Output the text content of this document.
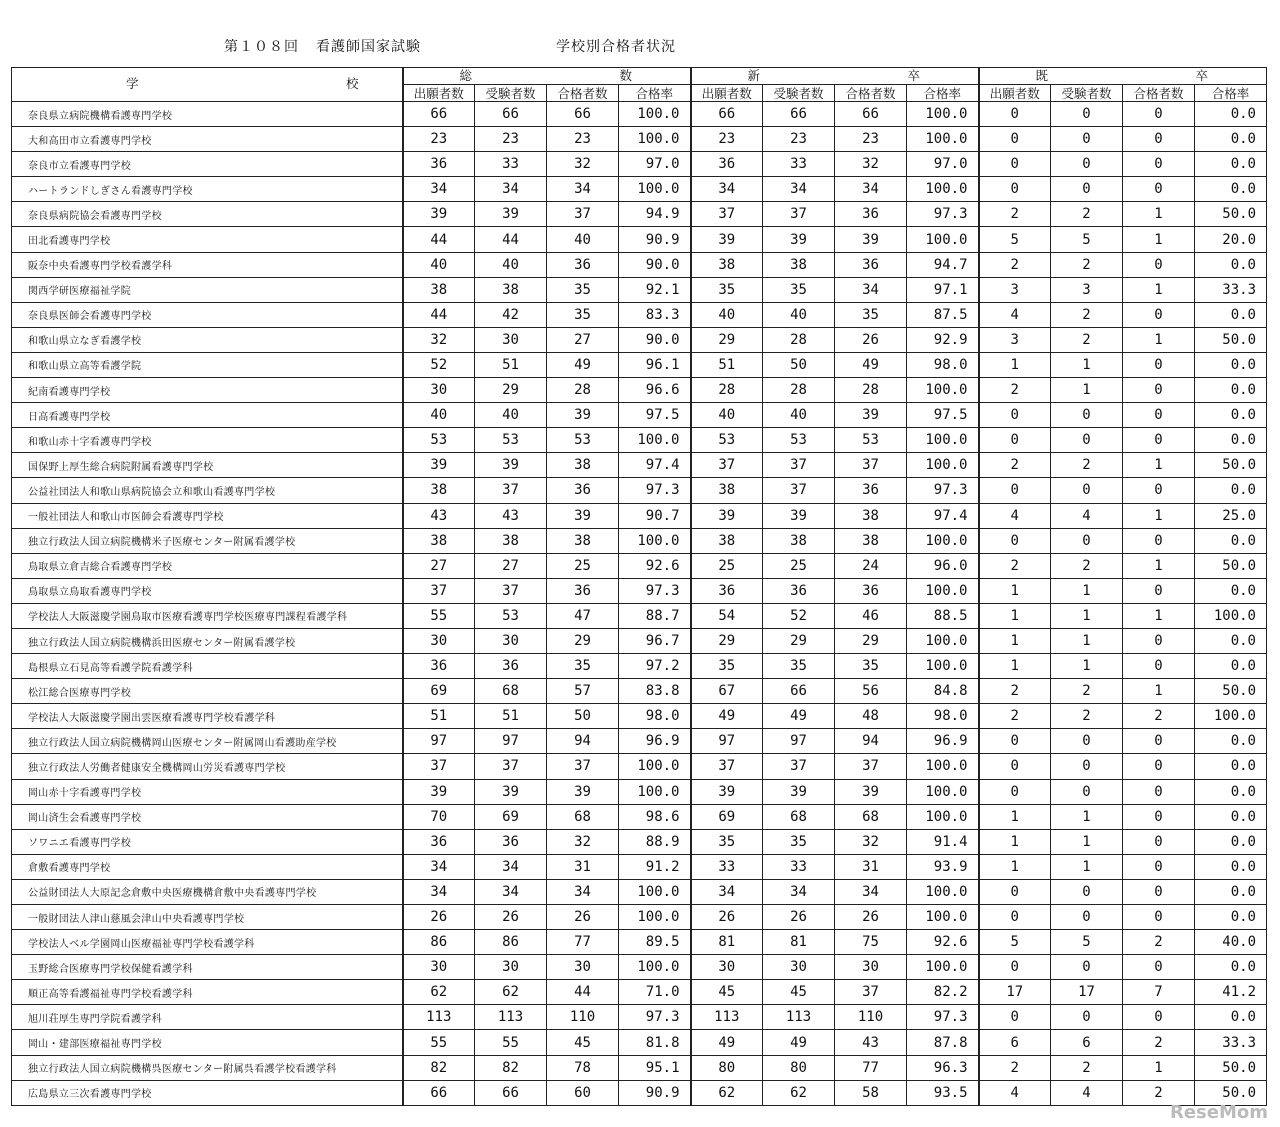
第１０８回 看護師国家試験	学校別合格者状況
学 校	総 数				新 卒				既 卒			

	出願者数	受験者数	合格者数	合格率	出願者数	受験者数	合格者数	合格率	出願者数	受験者数	合格者数	合格率
奈良県立病院機構看護専門学校	66	66	66	100.0	66	66	66	100.0	0	0	0	0.0
大和高田市立看護専門学校	23	23	23	100.0	23	23	23	100.0	0	0	0	0.0
奈良市立看護専門学校	36	33	32	97.0	36	33	32	97.0	0	0	0	0.0
ハートランドしぎさん看護専門学校	34	34	34	100.0	34	34	34	100.0	0	0	0	0.0
奈良県病院協会看護専門学校	39	39	37	94.9	37	37	36	97.3	2	2	1	50.0
田北看護専門学校	44	44	40	90.9	39	39	39	100.0	5	5	1	20.0
阪奈中央看護専門学校看護学科	40	40	36	90.0	38	38	36	94.7	2	2	0	0.0
関西学研医療福祉学院	38	38	35	92.1	35	35	34	97.1	3	3	1	33.3
奈良県医師会看護専門学校	44	42	35	83.3	40	40	35	87.5	4	2	0	0.0
和歌山県立なぎ看護学校	32	30	27	90.0	29	28	26	92.9	3	2	1	50.0
和歌山県立高等看護学院	52	51	49	96.1	51	50	49	98.0	1	1	0	0.0
紀南看護専門学校	30	29	28	96.6	28	28	28	100.0	2	1	0	0.0
日高看護専門学校	40	40	39	97.5	40	40	39	97.5	0	0	0	0.0
和歌山赤十字看護専門学校	53	53	53	100.0	53	53	53	100.0	0	0	0	0.0
国保野上厚生総合病院附属看護専門学校	39	39	38	97.4	37	37	37	100.0	2	2	1	50.0
公益社団法人和歌山県病院協会立和歌山看護専門学校	38	37	36	97.3	38	37	36	97.3	0	0	0	0.0
一般社団法人和歌山市医師会看護専門学校	43	43	39	90.7	39	39	38	97.4	4	4	1	25.0
独立行政法人国立病院機構米子医療センター附属看護学校	38	38	38	100.0	38	38	38	100.0	0	0	0	0.0
鳥取県立倉吉総合看護専門学校	27	27	25	92.6	25	25	24	96.0	2	2	1	50.0
鳥取県立鳥取看護専門学校	37	37	36	97.3	36	36	36	100.0	1	1	0	0.0
学校法人大阪滋慶学園鳥取市医療看護専門学校医療専門課程看護学科	55	53	47	88.7	54	52	46	88.5	1	1	1	100.0
独立行政法人国立病院機構浜田医療センター附属看護学校	30	30	29	96.7	29	29	29	100.0	1	1	0	0.0
島根県立石見高等看護学院看護学科	36	36	35	97.2	35	35	35	100.0	1	1	0	0.0
松江総合医療専門学校	69	68	57	83.8	67	66	56	84.8	2	2	1	50.0
学校法人大阪滋慶学園出雲医療看護専門学校看護学科	51	51	50	98.0	49	49	48	98.0	2	2	2	100.0
独立行政法人国立病院機構岡山医療センター附属岡山看護助産学校	97	97	94	96.9	97	97	94	96.9	0	0	0	0.0
独立行政法人労働者健康安全機構岡山労災看護専門学校	37	37	37	100.0	37	37	37	100.0	0	0	0	0.0
岡山赤十字看護専門学校	39	39	39	100.0	39	39	39	100.0	0	0	0	0.0
岡山済生会看護専門学校	70	69	68	98.6	69	68	68	100.0	1	1	0	0.0
ソワニエ看護専門学校	36	36	32	88.9	35	35	32	91.4	1	1	0	0.0
倉敷看護専門学校	34	34	31	91.2	33	33	31	93.9	1	1	0	0.0
公益財団法人大原記念倉敷中央医療機構倉敷中央看護専門学校	34	34	34	100.0	34	34	34	100.0	0	0	0	0.0
一般財団法人津山慈風会津山中央看護専門学校	26	26	26	100.0	26	26	26	100.0	0	0	0	0.0
学校法人ベル学園岡山医療福祉専門学校看護学科	86	86	77	89.5	81	81	75	92.6	5	5	2	40.0
玉野総合医療専門学校保健看護学科	30	30	30	100.0	30	30	30	100.0	0	0	0	0.0
順正高等看護福祉専門学校看護学科	62	62	44	71.0	45	45	37	82.2	17	17	7	41.2
旭川荘厚生専門学院看護学科	113	113	110	97.3	113	113	110	97.3	0	0	0	0.0
岡山・建部医療福祉専門学校	55	55	45	81.8	49	49	43	87.8	6	6	2	33.3
独立行政法人国立病院機構呉医療センター附属呉看護学校看護学科	82	82	78	95.1	80	80	77	96.3	2	2	1	50.0
広島県立三次看護専門学校	66	66	60	90.9	62	62	58	93.5	4	4	2	50.0
ReseMom
